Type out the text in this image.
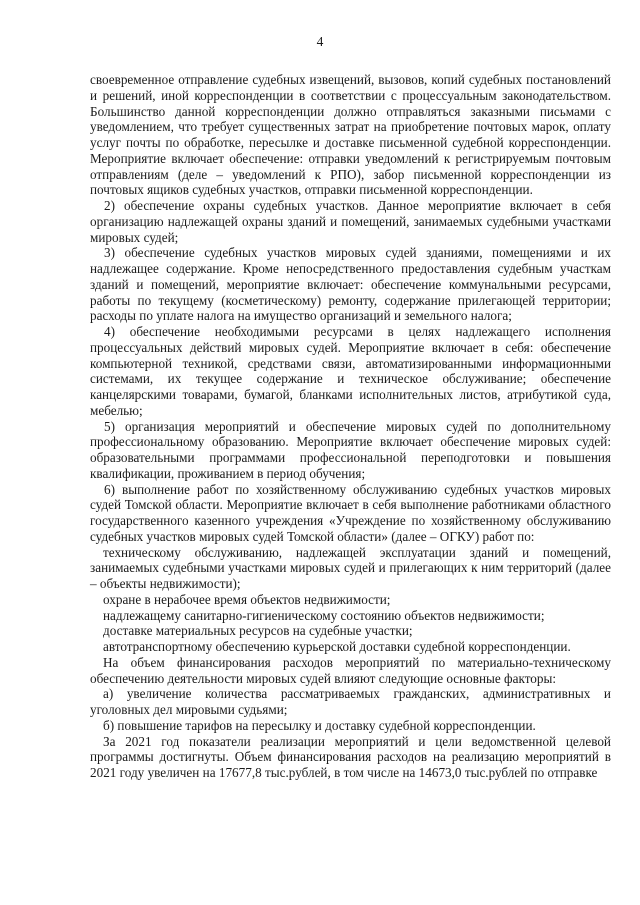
4

своевременное отправление судебных извещений, вызовов, копий судебных постановлений и решений, иной корреспонденции в соответствии с процессуальным законодательством. Большинство данной корреспонденции должно отправляться заказными письмами с уведомлением, что требует существенных затрат на приобретение почтовых марок, оплату услуг почты по обработке, пересылке и доставке письменной судебной корреспонденции. Мероприятие включает обеспечение: отправки уведомлений к регистрируемым почтовым отправлениям (деле – уведомлений к РПО), забор письменной корреспонденции из почтовых ящиков судебных участков, отправки письменной корреспонденции.

2) обеспечение охраны судебных участков. Данное мероприятие включает в себя организацию надлежащей охраны зданий и помещений, занимаемых судебными участками мировых судей;

3) обеспечение судебных участков мировых судей зданиями, помещениями и их надлежащее содержание. Кроме непосредственного предоставления судебным участкам зданий и помещений, мероприятие включает: обеспечение коммунальными ресурсами, работы по текущему (косметическому) ремонту, содержание прилегающей территории; расходы по уплате налога на имущество организаций и земельного налога;

4) обеспечение необходимыми ресурсами в целях надлежащего исполнения процессуальных действий мировых судей. Мероприятие включает в себя: обеспечение компьютерной техникой, средствами связи, автоматизированными информационными системами, их текущее содержание и техническое обслуживание; обеспечение канцелярскими товарами, бумагой, бланками исполнительных листов, атрибутикой суда, мебелью;

5) организация мероприятий и обеспечение мировых судей по дополнительному профессиональному образованию. Мероприятие включает обеспечение мировых судей: образовательными программами профессиональной переподготовки и повышения квалификации, проживанием в период обучения;

6) выполнение работ по хозяйственному обслуживанию судебных участков мировых судей Томской области. Мероприятие включает в себя выполнение работниками областного государственного казенного учреждения «Учреждение по хозяйственному обслуживанию судебных участков мировых судей Томской области» (далее – ОГКУ) работ по:

техническому обслуживанию, надлежащей эксплуатации зданий и помещений, занимаемых судебными участками мировых судей и прилегающих к ним территорий (далее – объекты недвижимости);

охране в нерабочее время объектов недвижимости;

надлежащему санитарно-гигиеническому состоянию объектов недвижимости;

доставке материальных ресурсов на судебные участки;

автотранспортному обеспечению курьерской доставки судебной корреспонденции.

На объем финансирования расходов мероприятий по материально-техническому обеспечению деятельности мировых судей влияют следующие основные факторы:

а) увеличение количества рассматриваемых гражданских, административных и уголовных дел мировыми судьями;

б) повышение тарифов на пересылку и доставку судебной корреспонденции.

За 2021 год показатели реализации мероприятий и цели ведомственной целевой программы достигнуты. Объем финансирования расходов на реализацию мероприятий в 2021 году увеличен на 17677,8 тыс.рублей, в том числе на 14673,0 тыс.рублей по отправке
